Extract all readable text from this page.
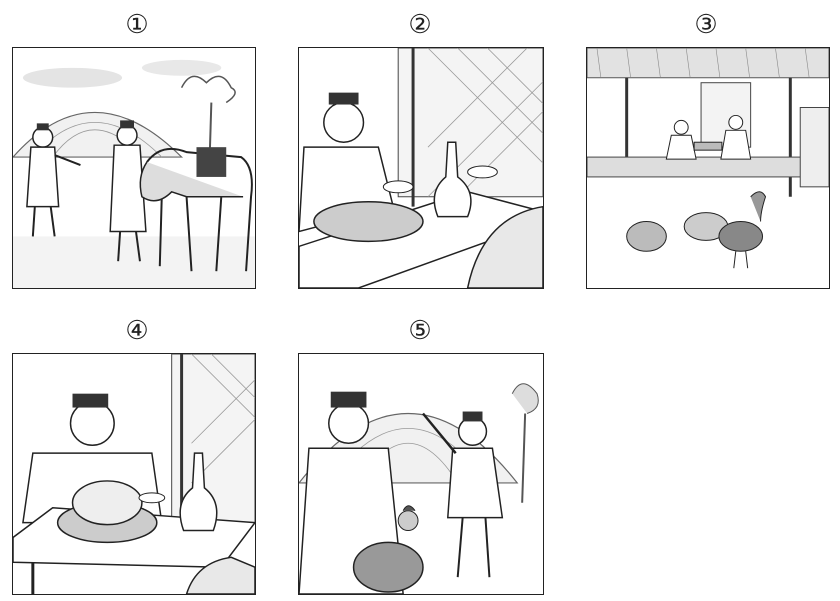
①	②	③
④	⑤
